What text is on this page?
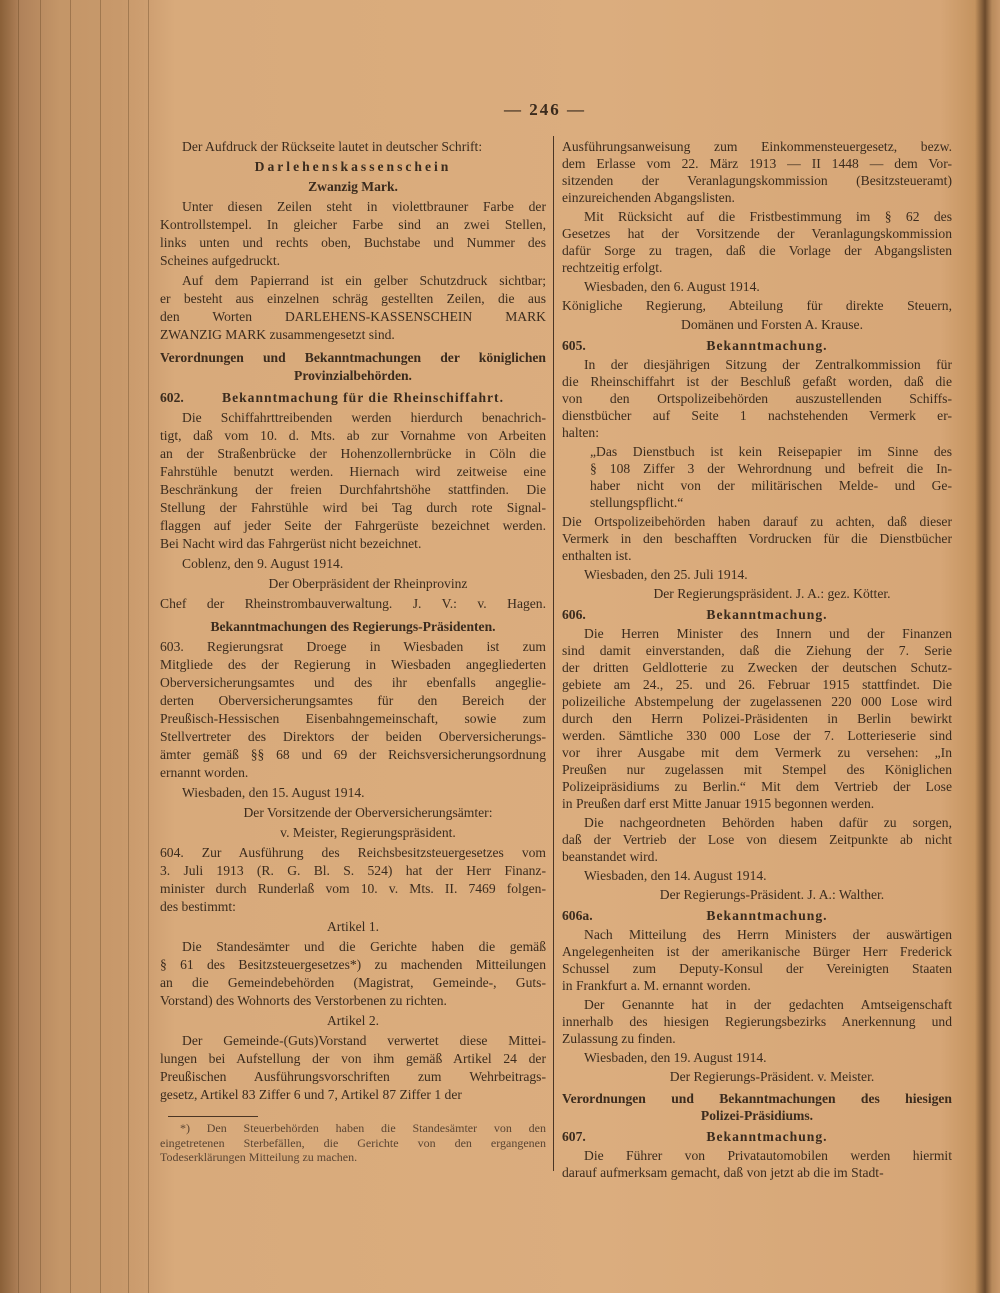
— 246 —
Der Aufdruck der Rückseite lautet in deutscher Schrift:
Darlehenskassenschein
Zwanzig Mark.
Unter diesen Zeilen steht in violettbrauner Farbe der
Kontrollstempel. In gleicher Farbe sind an zwei Stellen,
links unten und rechts oben, Buchstabe und Nummer des
Scheines aufgedruckt.
Auf dem Papierrand ist ein gelber Schutzdruck sichtbar;
er besteht aus einzelnen schräg gestellten Zeilen, die aus
den Worten DARLEHENS-KASSENSCHEIN MARK
ZWANZIG MARK zusammengesetzt sind.
Verordnungen und Bekanntmachungen der königlichen
Provinzialbehörden.
602.	Bekanntmachung für die Rheinschiffahrt.
Die Schiffahrttreibenden werden hierdurch benachrich-
tigt, daß vom 10. d. Mts. ab zur Vornahme von Arbeiten
an der Straßenbrücke der Hohenzollernbrücke in Cöln die
Fahrstühle benutzt werden. Hiernach wird zeitweise eine
Beschränkung der freien Durchfahrtshöhe stattfinden. Die
Stellung der Fahrstühle wird bei Tag durch rote Signal-
flaggen auf jeder Seite der Fahrgerüste bezeichnet werden.
Bei Nacht wird das Fahrgerüst nicht bezeichnet.
Coblenz, den 9. August 1914.
Der Oberpräsident der Rheinprovinz
Chef der Rheinstrombauverwaltung. J. V.: v. Hagen.
Bekanntmachungen des Regierungs-Präsidenten.
603. Regierungsrat Droege in Wiesbaden ist zum
Mitgliede des der Regierung in Wiesbaden angegliederten
Oberversicherungsamtes und des ihr ebenfalls angeglie-
derten Oberversicherungsamtes für den Bereich der
Preußisch-Hessischen Eisenbahngemeinschaft, sowie zum
Stellvertreter des Direktors der beiden Oberversicherungs-
ämter gemäß §§ 68 und 69 der Reichsversicherungsordnung
ernannt worden.
Wiesbaden, den 15. August 1914.
Der Vorsitzende der Oberversicherungsämter:
v. Meister, Regierungspräsident.
604. Zur Ausführung des Reichsbesitzsteuergesetzes vom
3. Juli 1913 (R. G. Bl. S. 524) hat der Herr Finanz-
minister durch Runderlaß vom 10. v. Mts. II. 7469 folgen-
des bestimmt:
Artikel 1.
Die Standesämter und die Gerichte haben die gemäß
§ 61 des Besitzsteuergesetzes*) zu machenden Mitteilungen
an die Gemeindebehörden (Magistrat, Gemeinde-, Guts-
Vorstand) des Wohnorts des Verstorbenen zu richten.
Artikel 2.
Der Gemeinde-(Guts)Vorstand verwertet diese Mittei-
lungen bei Aufstellung der von ihm gemäß Artikel 24 der
Preußischen Ausführungsvorschriften zum Wehrbeitrags-
gesetz, Artikel 83 Ziffer 6 und 7, Artikel 87 Ziffer 1 der
*) Den Steuerbehörden haben die Standesämter von den
eingetretenen Sterbefällen, die Gerichte von den ergangenen
Todeserklärungen Mitteilung zu machen.
Ausführungsanweisung zum Einkommensteuergesetz, bezw.
dem Erlasse vom 22. März 1913 — II 1448 — dem Vor-
sitzenden der Veranlagungskommission (Besitzsteueramt)
einzureichenden Abgangslisten.
Mit Rücksicht auf die Fristbestimmung im § 62 des
Gesetzes hat der Vorsitzende der Veranlagungskommission
dafür Sorge zu tragen, daß die Vorlage der Abgangslisten
rechtzeitig erfolgt.
Wiesbaden, den 6. August 1914.
Königliche Regierung, Abteilung für direkte Steuern,
Domänen und Forsten A. Krause.
605.	Bekanntmachung.
In der diesjährigen Sitzung der Zentralkommission für
die Rheinschiffahrt ist der Beschluß gefaßt worden, daß die
von den Ortspolizeibehörden auszustellenden Schiffs-
dienstbücher auf Seite 1 nachstehenden Vermerk er-
halten:
„Das Dienstbuch ist kein Reisepapier im Sinne des
§ 108 Ziffer 3 der Wehrordnung und befreit die In-
haber nicht von der militärischen Melde- und Ge-
stellungspflicht.“
Die Ortspolizeibehörden haben darauf zu achten, daß dieser
Vermerk in den beschafften Vordrucken für die Dienstbücher
enthalten ist.
Wiesbaden, den 25. Juli 1914.
Der Regierungspräsident. J. A.: gez. Kötter.
606.	Bekanntmachung.
Die Herren Minister des Innern und der Finanzen
sind damit einverstanden, daß die Ziehung der 7. Serie
der dritten Geldlotterie zu Zwecken der deutschen Schutz-
gebiete am 24., 25. und 26. Februar 1915 stattfindet. Die
polizeiliche Abstempelung der zugelassenen 220 000 Lose wird
durch den Herrn Polizei-Präsidenten in Berlin bewirkt
werden. Sämtliche 330 000 Lose der 7. Lotterieserie sind
vor ihrer Ausgabe mit dem Vermerk zu versehen: „In
Preußen nur zugelassen mit Stempel des Königlichen
Polizeipräsidiums zu Berlin.“ Mit dem Vertrieb der Lose
in Preußen darf erst Mitte Januar 1915 begonnen werden.
Die nachgeordneten Behörden haben dafür zu sorgen,
daß der Vertrieb der Lose von diesem Zeitpunkte ab nicht
beanstandet wird.
Wiesbaden, den 14. August 1914.
Der Regierungs-Präsident. J. A.: Walther.
606a.	Bekanntmachung.
Nach Mitteilung des Herrn Ministers der auswärtigen
Angelegenheiten ist der amerikanische Bürger Herr Frederick
Schussel zum Deputy-Konsul der Vereinigten Staaten
in Frankfurt a. M. ernannt worden.
Der Genannte hat in der gedachten Amtseigenschaft
innerhalb des hiesigen Regierungsbezirks Anerkennung und
Zulassung zu finden.
Wiesbaden, den 19. August 1914.
Der Regierungs-Präsident. v. Meister.
Verordnungen und Bekanntmachungen des hiesigen
Polizei-Präsidiums.
607.	Bekanntmachung.
Die Führer von Privatautomobilen werden hiermit
darauf aufmerksam gemacht, daß von jetzt ab die im Stadt-
